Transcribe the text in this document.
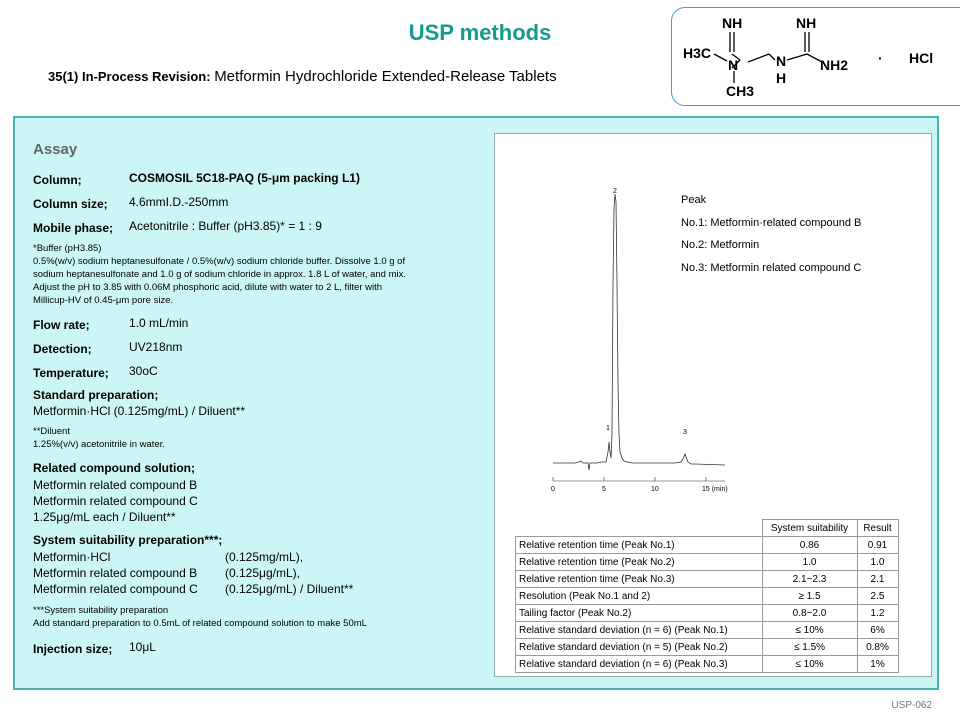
USP methods
35(1) In-Process Revision: Metformin Hydrochloride Extended-Release Tablets
NH	NH
H3C
N	N
H
NH2
CH3
· HCl
Assay
Column;	COSMOSIL 5C18-PAQ (5-μm packing L1)
Column size; 4.6mmI.D.-250mm
Mobile phase; Acetonitrile : Buffer (pH3.85)* = 1 : 9
*Buffer (pH3.85)
0.5%(w/v) sodium heptanesulfonate / 0.5%(w/v) sodium chloride buffer. Dissolve 1.0 g of
sodium heptanesulfonate and 1.0 g of sodium chloride in approx. 1.8 L of water, and mix.
Adjust the pH to 3.85 with 0.06M phosphoric acid, dilute with water to 2 L, filter with
Millicup-HV of 0.45-μm pore size.
Flow rate;	1.0 mL/min
Detection;	UV218nm
Temperature; 30oC
Standard preparation;
Metformin·HCl (0.125mg/mL) / Diluent**
**Diluent
1.25%(v/v) acetonitrile in water.
Related compound solution;
Metformin related compound B
Metformin related compound C
1.25μg/mL each / Diluent**
System suitability preparation***;
Metformin·HCl	(0.125mg/mL),
Metformin related compound B (0.125μg/mL),
Metformin related compound C (0.125μg/mL) / Diluent**
***System suitability preparation
Add standard preparation to 0.5mL of related compound solution to make 50mL
Injection size; 10μL
0	5	10	15 (min)
1
2
3
Peak
No.1: Metformin·related compound B
No.2: Metformin
No.3: Metformin related compound C
	System suitability	Result
Relative retention time (Peak No.1)	0.86	0.91
Relative retention time (Peak No.2)	1.0	1.0
Relative retention time (Peak No.3)	2.1~2.3	2.1
Resolution (Peak No.1 and 2)	≥ 1.5	2.5
Tailing factor (Peak No.2)	0.8~2.0	1.2
Relative standard deviation (n = 6) (Peak No.1)	≤ 10%	6%
Relative standard deviation (n = 5) (Peak No.2)	≤ 1.5%	0.8%
Relative standard deviation (n = 6) (Peak No.3)	≤ 10%	1%
USP-062
